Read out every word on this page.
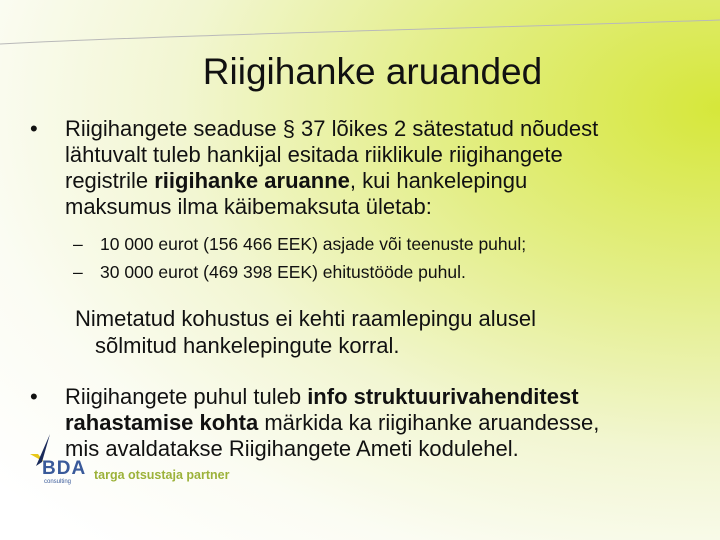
Riigihanke aruanded
• Riigihangete seaduse § 37 lõikes 2 sätestatud nõudest
lähtuvalt tuleb hankijal esitada riiklikule riigihangete
registrile riigihanke aruanne, kui hankelepingu
maksumus ilma käibemaksuta ületab:
– 10 000 eurot (156 466 EEK) asjade või teenuste puhul;
– 30 000 eurot (469 398 EEK) ehitustööde puhul.
Nimetatud kohustus ei kehti raamlepingu alusel
sõlmitud hankelepingute korral.
BDA
consulting targa otsustaja partner
• Riigihangete puhul tuleb info struktuurivahenditest
rahastamise kohta märkida ka riigihanke aruandesse,
mis avaldatakse Riigihangete Ameti kodulehel.
